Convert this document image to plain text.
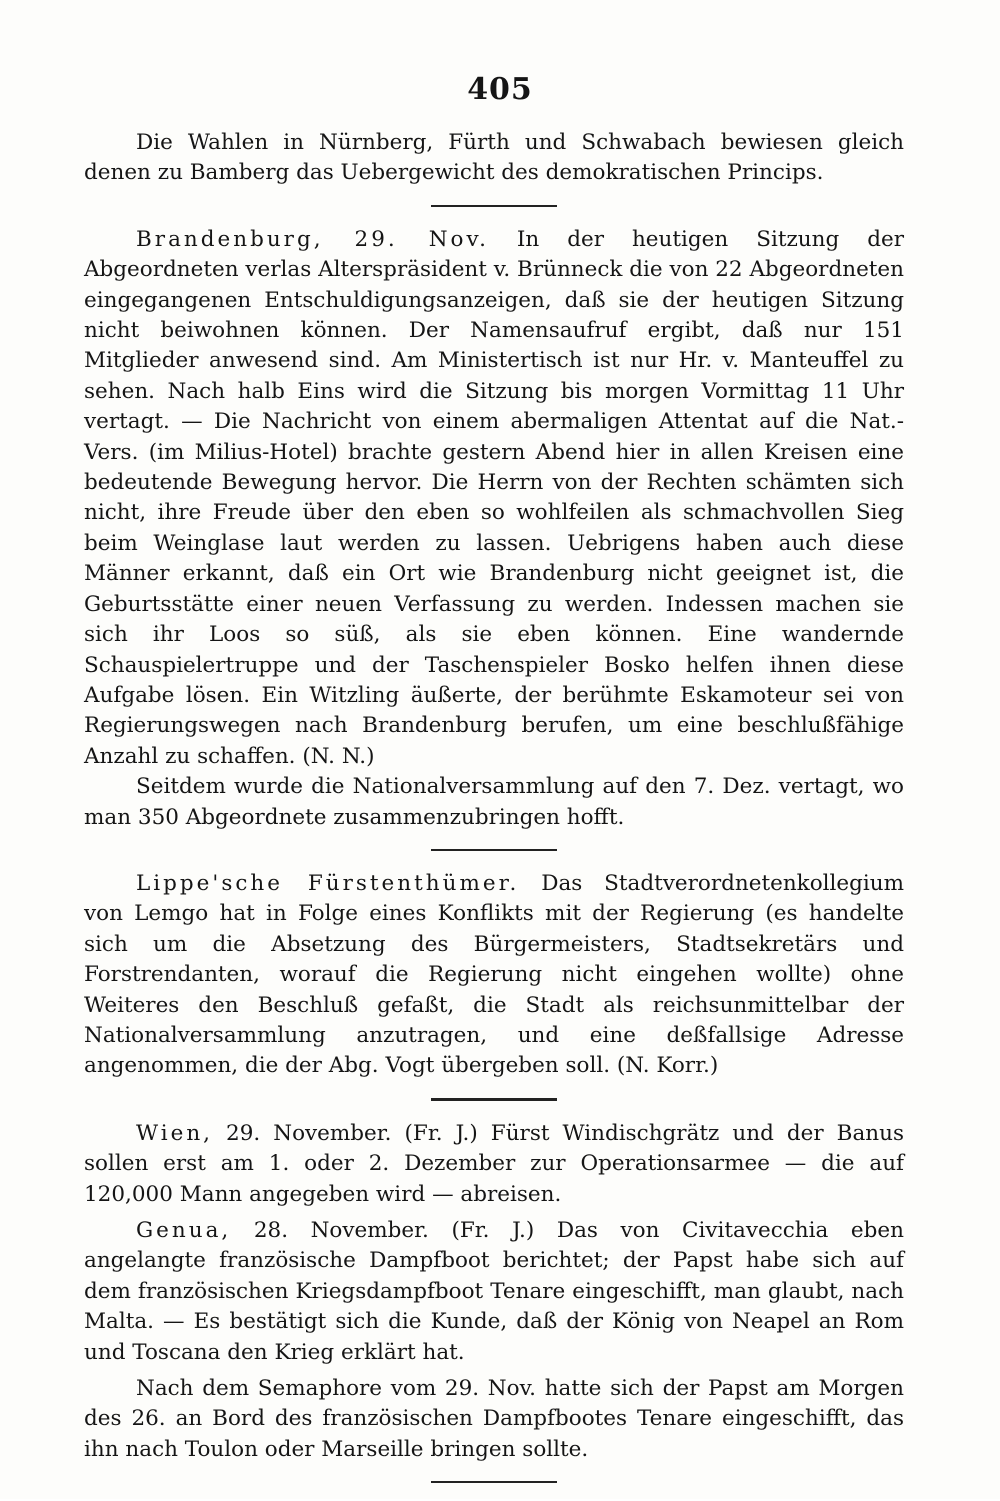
405

Die Wahlen in Nürnberg, Fürth und Schwabach bewiesen gleich denen zu Bamberg das Uebergewicht des demokratischen Princips.

Brandenburg, 29. Nov. In der heutigen Sitzung der Abgeordneten verlas Alterspräsident v. Brünneck die von 22 Abgeordneten eingegangenen Entschuldigungsanzeigen, daß sie der heutigen Sitzung nicht beiwohnen können. Der Namensaufruf ergibt, daß nur 151 Mitglieder anwesend sind. Am Ministertisch ist nur Hr. v. Manteuffel zu sehen. Nach halb Eins wird die Sitzung bis morgen Vormittag 11 Uhr vertagt. — Die Nachricht von einem abermaligen Attentat auf die Nat.-Vers. (im Milius-Hotel) brachte gestern Abend hier in allen Kreisen eine bedeutende Bewegung hervor. Die Herrn von der Rechten schämten sich nicht, ihre Freude über den eben so wohlfeilen als schmachvollen Sieg beim Weinglase laut werden zu lassen. Uebrigens haben auch diese Männer erkannt, daß ein Ort wie Brandenburg nicht geeignet ist, die Geburtsstätte einer neuen Verfassung zu werden. Indessen machen sie sich ihr Loos so süß, als sie eben können. Eine wandernde Schauspielertruppe und der Taschenspieler Bosko helfen ihnen diese Aufgabe lösen. Ein Witzling äußerte, der berühmte Eskamoteur sei von Regierungswegen nach Brandenburg berufen, um eine beschlußfähige Anzahl zu schaffen. (N. N.)

Seitdem wurde die Nationalversammlung auf den 7. Dez. vertagt, wo man 350 Abgeordnete zusammenzubringen hofft.

Lippe'sche Fürstenthümer. Das Stadtverordnetenkollegium von Lemgo hat in Folge eines Konflikts mit der Regierung (es handelte sich um die Absetzung des Bürgermeisters, Stadtsekretärs und Forstrendanten, worauf die Regierung nicht eingehen wollte) ohne Weiteres den Beschluß gefaßt, die Stadt als reichsunmittelbar der Nationalversammlung anzutragen, und eine deßfallsige Adresse angenommen, die der Abg. Vogt übergeben soll. (N. Korr.)

Wien, 29. November. (Fr. J.) Fürst Windischgrätz und der Banus sollen erst am 1. oder 2. Dezember zur Operationsarmee — die auf 120,000 Mann angegeben wird — abreisen.

Genua, 28. November. (Fr. J.) Das von Civitavecchia eben angelangte französische Dampfboot berichtet; der Papst habe sich auf dem französischen Kriegsdampfboot Tenare eingeschifft, man glaubt, nach Malta. — Es bestätigt sich die Kunde, daß der König von Neapel an Rom und Toscana den Krieg erklärt hat.

Nach dem Semaphore vom 29. Nov. hatte sich der Papst am Morgen des 26. an Bord des französischen Dampfbootes Tenare eingeschifft, das ihn nach Toulon oder Marseille bringen sollte.
